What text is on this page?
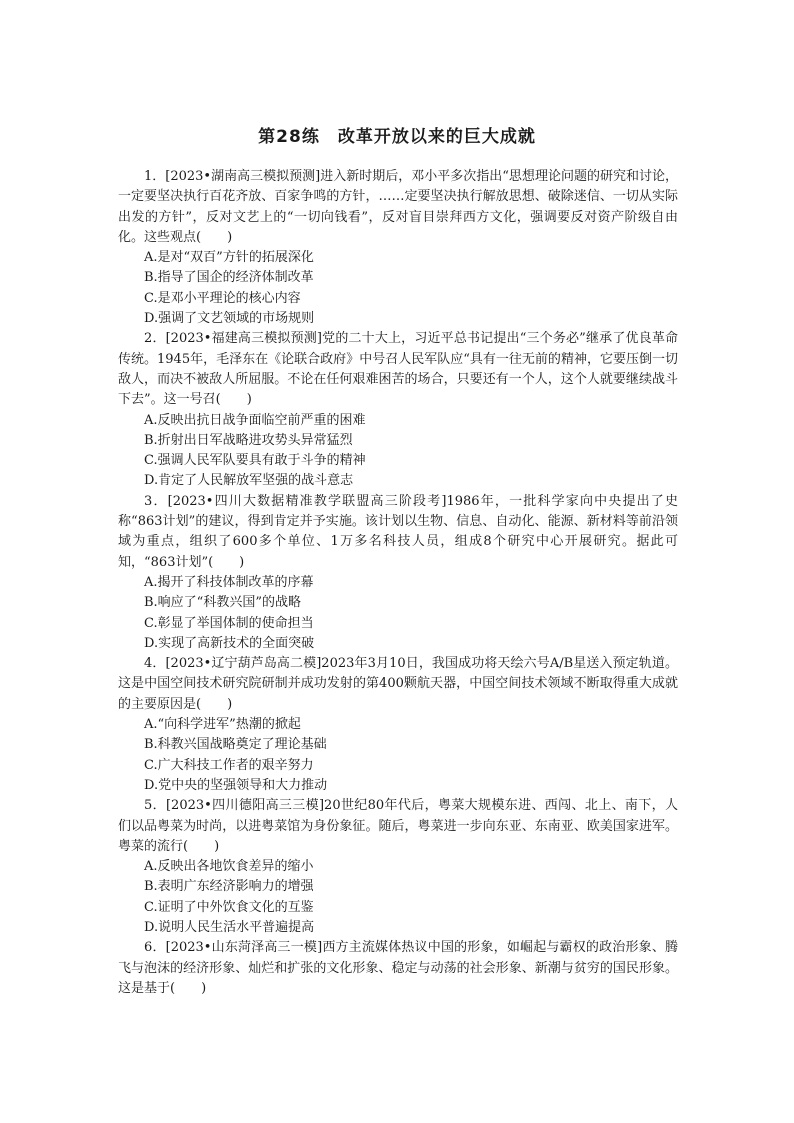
第28练　改革开放以来的巨大成就

1．[2023•湖南高三模拟预测]进入新时期后，邓小平多次指出“思想理论问题的研究和讨论，一定要坚决执行百花齐放、百家争鸣的方针，……定要坚决执行解放思想、破除迷信、一切从实际出发的方针”，反对文艺上的“一切向钱看”，反对盲目崇拜西方文化，强调要反对资产阶级自由化。这些观点(　　)

A.是对“双百”方针的拓展深化

B.指导了国企的经济体制改革

C.是邓小平理论的核心内容

D.强调了文艺领域的市场规则

2．[2023•福建高三模拟预测]党的二十大上，习近平总书记提出“三个务必”继承了优良革命传统。1945年，毛泽东在《论联合政府》中号召人民军队应“具有一往无前的精神，它要压倒一切敌人，而决不被敌人所屈服。不论在任何艰难困苦的场合，只要还有一个人，这个人就要继续战斗下去”。这一号召(　　)

A.反映出抗日战争面临空前严重的困难

B.折射出日军战略进攻势头异常猛烈

C.强调人民军队要具有敢于斗争的精神

D.肯定了人民解放军坚强的战斗意志

3．[2023•四川大数据精准教学联盟高三阶段考]1986年，一批科学家向中央提出了史称“863计划”的建议，得到肯定并予实施。该计划以生物、信息、自动化、能源、新材料等前沿领域为重点，组织了600多个单位、1万多名科技人员，组成8个研究中心开展研究。据此可知，“863计划”(　　)

A.揭开了科技体制改革的序幕

B.响应了“科教兴国”的战略

C.彰显了举国体制的使命担当

D.实现了高新技术的全面突破

4．[2023•辽宁葫芦岛高二模]2023年3月10日，我国成功将天绘六号A/B星送入预定轨道。这是中国空间技术研究院研制并成功发射的第400颗航天器，中国空间技术领域不断取得重大成就的主要原因是(　　)

A.“向科学进军”热潮的掀起

B.科教兴国战略奠定了理论基础

C.广大科技工作者的艰辛努力

D.党中央的坚强领导和大力推动

5．[2023•四川德阳高三三模]20世纪80年代后，粤菜大规模东进、西闯、北上、南下，人们以品粤菜为时尚，以进粤菜馆为身份象征。随后，粤菜进一步向东亚、东南亚、欧美国家进军。粤菜的流行(　　)

A.反映出各地饮食差异的缩小

B.表明广东经济影响力的增强

C.证明了中外饮食文化的互鉴

D.说明人民生活水平普遍提高

6．[2023•山东菏泽高三一模]西方主流媒体热议中国的形象，如崛起与霸权的政治形象、腾飞与泡沫的经济形象、灿烂和扩张的文化形象、稳定与动荡的社会形象、新潮与贫穷的国民形象。这是基于(　　)
